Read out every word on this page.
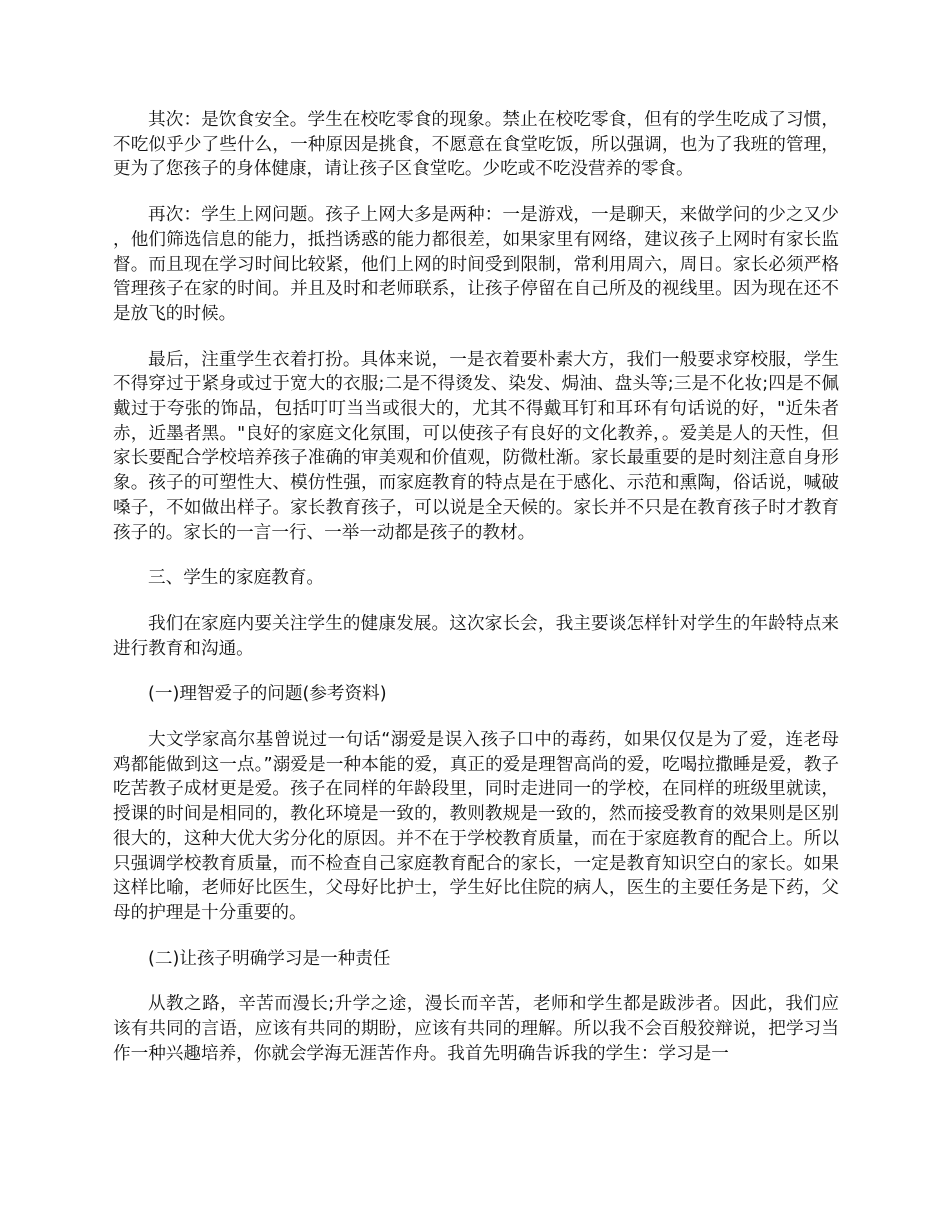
其次：是饮食安全。学生在校吃零食的现象。禁止在校吃零食，但有的学生吃成了习惯，不吃似乎少了些什么，一种原因是挑食，不愿意在食堂吃饭，所以强调，也为了我班的管理，更为了您孩子的身体健康，请让孩子区食堂吃。少吃或不吃没营养的零食。

再次：学生上网问题。孩子上网大多是两种：一是游戏，一是聊天，来做学问的少之又少，他们筛选信息的能力，抵挡诱惑的能力都很差，如果家里有网络，建议孩子上网时有家长监督。而且现在学习时间比较紧，他们上网的时间受到限制，常利用周六，周日。家长必须严格管理孩子在家的时间。并且及时和老师联系，让孩子停留在自己所及的视线里。因为现在还不是放飞的时候。

最后，注重学生衣着打扮。具体来说，一是衣着要朴素大方，我们一般要求穿校服，学生不得穿过于紧身或过于宽大的衣服;二是不得烫发、染发、焗油、盘头等;三是不化妆;四是不佩戴过于夸张的饰品，包括叮叮当当或很大的，尤其不得戴耳钉和耳环有句话说的好，"近朱者赤，近墨者黑。"良好的家庭文化氛围，可以使孩子有良好的文化教养，。爱美是人的天性，但家长要配合学校培养孩子准确的审美观和价值观，防微杜渐。家长最重要的是时刻注意自身形象。孩子的可塑性大、模仿性强，而家庭教育的特点是在于感化、示范和熏陶，俗话说，喊破嗓子，不如做出样子。家长教育孩子，可以说是全天候的。家长并不只是在教育孩子时才教育孩子的。家长的一言一行、一举一动都是孩子的教材。

三、学生的家庭教育。

我们在家庭内要关注学生的健康发展。这次家长会，我主要谈怎样针对学生的年龄特点来进行教育和沟通。

(一)理智爱子的问题(参考资料)

大文学家高尔基曾说过一句话“溺爱是误入孩子口中的毒药，如果仅仅是为了爱，连老母鸡都能做到这一点。”溺爱是一种本能的爱，真正的爱是理智高尚的爱，吃喝拉撒睡是爱，教子吃苦教子成材更是爱。孩子在同样的年龄段里，同时走进同一的学校，在同样的班级里就读，授课的时间是相同的，教化环境是一致的，教则教规是一致的，然而接受教育的效果则是区别很大的，这种大优大劣分化的原因。并不在于学校教育质量，而在于家庭教育的配合上。所以只强调学校教育质量，而不检查自己家庭教育配合的家长，一定是教育知识空白的家长。如果这样比喻，老师好比医生，父母好比护士，学生好比住院的病人，医生的主要任务是下药，父母的护理是十分重要的。

(二)让孩子明确学习是一种责任

从教之路，辛苦而漫长;升学之途，漫长而辛苦，老师和学生都是跋涉者。因此，我们应该有共同的言语，应该有共同的期盼，应该有共同的理解。所以我不会百般狡辩说，把学习当作一种兴趣培养，你就会学海无涯苦作舟。我首先明确告诉我的学生：学习是一
